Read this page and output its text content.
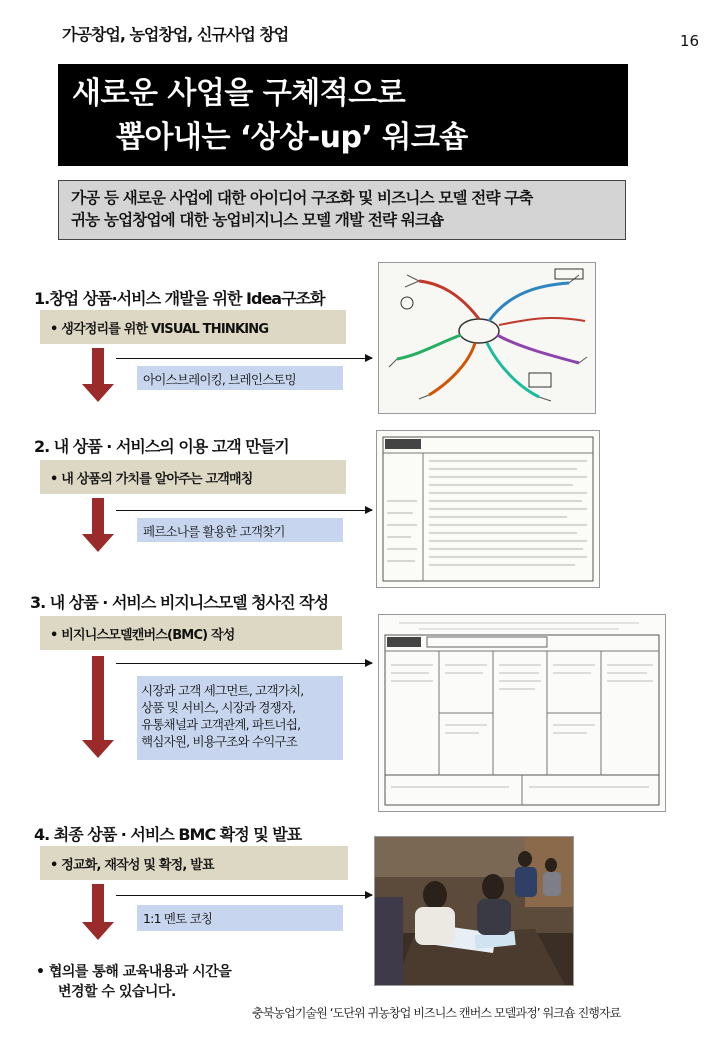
가공창업, 농업창업, 신규사업 창업	16
새로운 사업을 구체적으로
뽑아내는 ‘상상-up’ 워크숍
가공 등 새로운 사업에 대한 아이디어 구조화 및 비즈니스 모델 전략 구축
귀농 농업창업에 대한 농업비지니스 모델 개발 전략 워크숍
1.창업 상품·서비스 개발을 위한 Idea구조화
• 생각정리를 위한 VISUAL THINKING
아이스브레이킹, 브레인스토밍
2. 내 상품 · 서비스의 이용 고객 만들기
• 내 상품의 가치를 알아주는 고객매칭
페르소나를 활용한 고객찾기
3. 내 상품 · 서비스 비지니스모델 청사진 작성
• 비지니스모델캔버스(BMC) 작성
시장과 고객 세그먼트, 고객가치,
상품 및 서비스, 시장과 경쟁자,
유통채널과 고객관계, 파트너쉽,
핵심자원, 비용구조와 수익구조
4. 최종 상품 · 서비스 BMC 확정 및 발표
• 정교화, 재작성 및 확정, 발표
1:1 멘토 코칭
• 협의를 통해 교육내용과 시간을
변경할 수 있습니다.
충북농업기술원 ‘도단위 귀농창업 비즈니스 캔버스 모델과정’ 워크숍 진행자료
